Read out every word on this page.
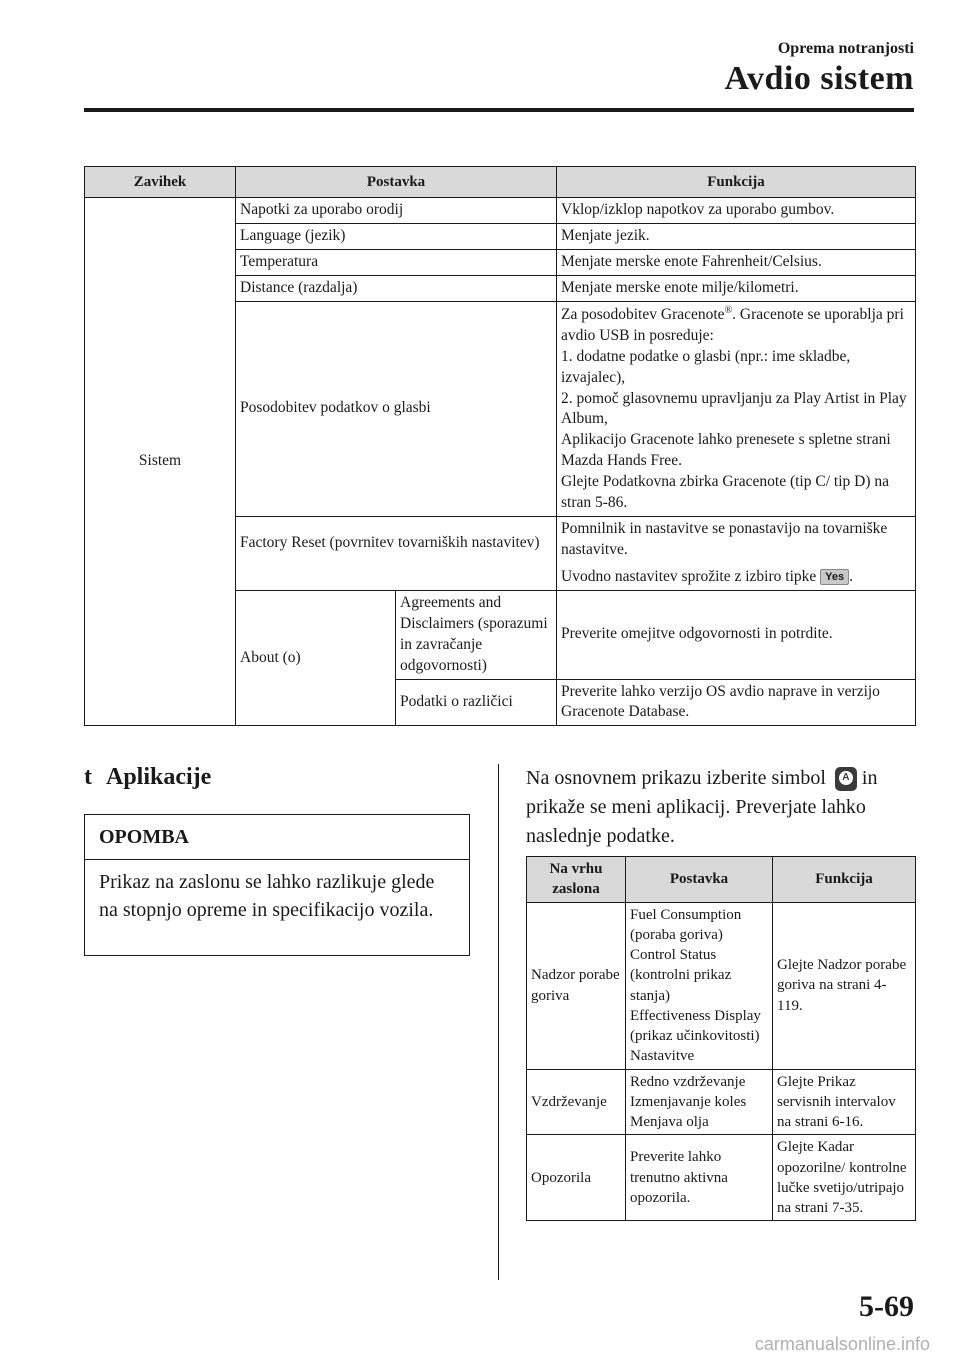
Oprema notranjosti
Avdio sistem
Zavihek	Postavka		Funkcija
Sistem	Napotki za uporabo orodij		Vklop/izklop napotkov za uporabo gumbov.
	Language (jezik)		Menjate jezik.
	Temperatura		Menjate merske enote Fahrenheit/Celsius.
	Distance (razdalja)		Menjate merske enote milje/kilometri.
	Posodobitev podatkov o glasbi		Za posodobitev Gracenote®. Gracenote se uporablja pri avdio USB in posreduje:
1. dodatne podatke o glasbi (npr.: ime skladbe, izvajalec),
2. pomoč glasovnemu upravljanju za Play Artist in Play Album,
Aplikacijo Gracenote lahko prenesete s spletne strani Mazda Hands Free.
Glejte Podatkovna zbirka Gracenote (tip C/ tip D) na stran 5-86.
	Factory Reset (povrnitev tovarniških nastavitev)		Pomnilnik in nastavitve se ponastavijo na tovarniške nastavitve.
Uvodno nastavitev sprožite z izbiro tipke Yes .
	About (o)	Agreements and Disclaimers (sporazumi in zavračanje odgovornosti)	Preverite omejitve odgovornosti in potrdite.
		Podatki o različici	Preverite lahko verzijo OS avdio naprave in verzijo Gracenote Database.
t Aplikacije
OPOMBA
Prikaz na zaslonu se lahko razlikuje glede na stopnjo opreme in specifikacijo vozila.
Na osnovnem prikazu izberite simbol A in prikaže se meni aplikacij. Preverjate lahko naslednje podatke.
Na vrhu zaslona	Postavka	Funkcija
Nadzor porabe goriva	Fuel Consumption (poraba goriva)
Control Status (kontrolni prikaz stanja)
Effectiveness Display (prikaz učinkovitosti)
Nastavitve	Glejte Nadzor porabe goriva na strani 4-119.
Vzdrževanje	Redno vzdrževanje
Izmenjavanje koles
Menjava olja	Glejte Prikaz servisnih intervalov na strani 6-16.
Opozorila	Preverite lahko trenutno aktivna opozorila.	Glejte Kadar opozorilne/ kontrolne lučke svetijo/utripajo na strani 7-35.
5-69
carmanualsonline.info
